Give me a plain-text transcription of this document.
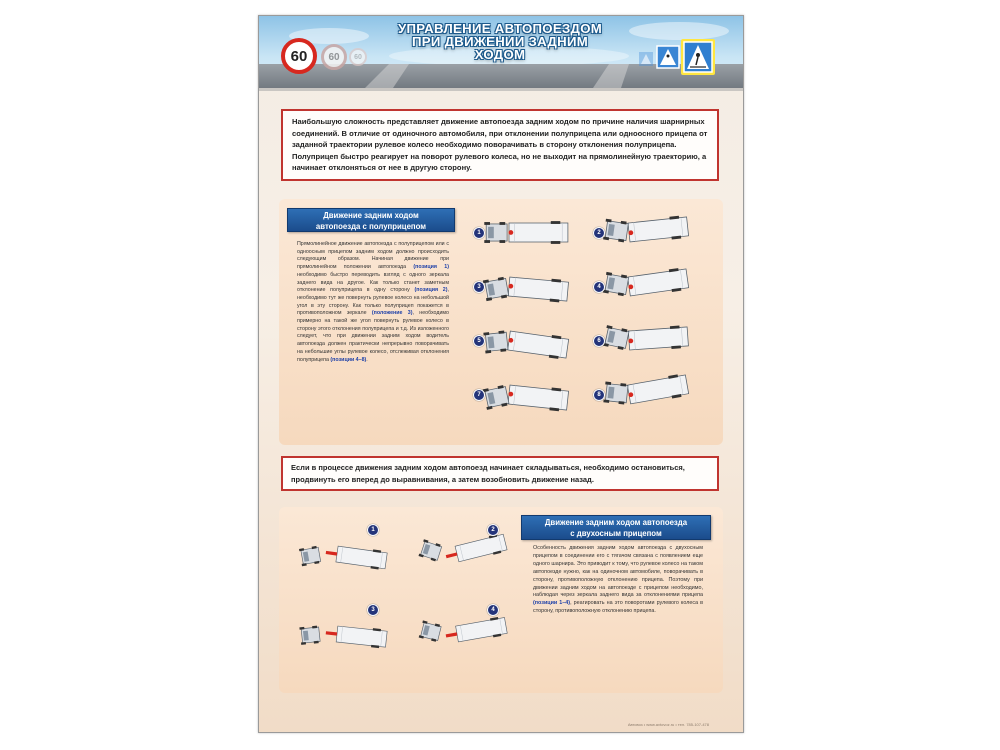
60 60 60
УПРАВЛЕНИЕ АВТОПОЕЗДОМ
ПРИ ДВИЖЕНИИ ЗАДНИМ
ХОДОМ
Наибольшую сложность представляет движение автопоезда задним ходом по причине наличия шарнирных соединений. В отличие от одиночного автомобиля, при отклонении полуприцепа или одноосного прицепа от заданной траектории рулевое колесо необходимо поворачивать в сторону отклонения полуприцепа. Полуприцеп быстро реагирует на поворот рулевого колеса, но не выходит на прямолинейную траекторию, а начинает отклоняться от нее в другую сторону.
Движение задним ходом
автопоезда с полуприцепом
Прямолинейное движение автопоезда с полуприцепом или с одноосным прицепом задним ходом должно происходить следующим образом. Начиная движение при прямолинейном положении автопоезда (позиция 1) необходимо быстро переводить взгляд с одного зеркала заднего вида на другое. Как только станет заметным отклонение полуприцепа в одну сторону (позиция 2), необходимо тут же повернуть рулевое колесо на небольшой угол в эту сторону. Как только полуприцеп покажется в противоположном зеркале (положение 3), необходимо примерно на такой же угол повернуть рулевое колесо в сторону этого отклонения полуприцепа и т.д. Из изложенного следует, что при движении задним ходом водитель автопоезда должен практически непрерывно поворачивать на небольшие углы рулевое колесо, отслеживая отклонения полуприцепа (позиции 4–8).
Если в процессе движения задним ходом автопоезд начинает складываться, необходимо остановиться, продвинуть его вперед до выравнивания, а затем возобновить движение назад.
Движение задним ходом автопоезда
с двухосным прицепом
Особенность движения задним ходом автопоезда с двухосным прицепом в соединении его с тягачом связана с появлением еще одного шарнира. Это приводит к тому, что рулевое колесо на таком автопоезде нужно, как на одиночном автомобиле, поворачивать в сторону, противоположную отклонению прицепа. Поэтому при движении задним ходом на автопоезде с прицепом необходимо, наблюдая через зеркала заднего вида за отклонениями прицепа (позиции 1–4), реагировать на это поворотами рулевого колеса в сторону, противоположную отклонению прицепа.
Автовоз • www.avtovoz.ru • тел. 785-107-478
1	2
3	4
5	6
7	8
1	2
3	4
